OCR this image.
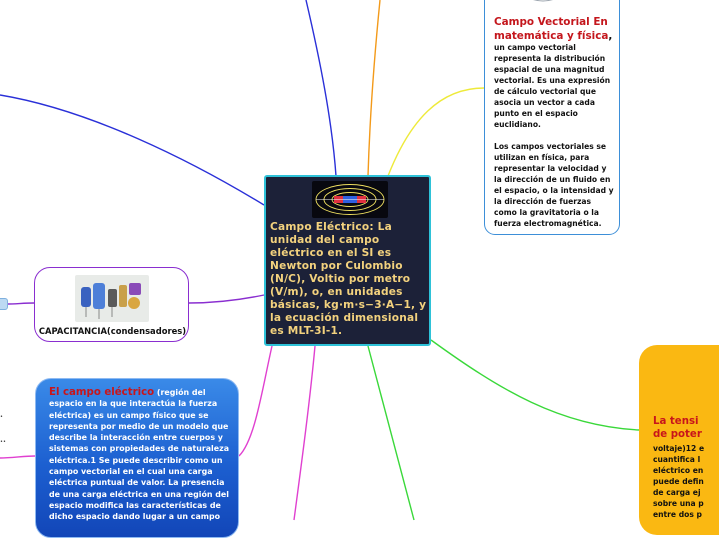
•
••
Campo Eléctrico: La unidad del campo eléctrico en el SI es Newton por Culombio (N/C), Voltio por metro (V/m), o, en unidades básicas, kg·m·s−3·A−1, y la ecuación dimensional es MLT-3I-1.
Campo Vectorial En matemática y física,
un campo vectorial representa la distribución espacial de una magnitud vectorial. Es una expresión de cálculo vectorial que asocia un vector a cada punto en el espacio euclidiano.
Los campos vectoriales se utilizan en física, para representar la velocidad y la dirección de un fluido en el espacio, o la intensidad y la dirección de fuerzas como la gravitatoria o la fuerza electromagnética.
CAPACITANCIA(condensadores)
El campo eléctrico (región del espacio en la que interactúa la fuerza eléctrica) es un campo físico que se representa por medio de un modelo que describe la interacción entre cuerpos y sistemas con propiedades de naturaleza eléctrica.1 Se puede describir como un campo vectorial en el cual una carga eléctrica puntual de valor. La presencia de una carga eléctrica en una región del espacio modifica las características de dicho espacio dando lugar a un campo
La tensi
de poter
voltaje)12 e
cuantifica l
eléctrico en
puede defin
de carga ej
sobre una p
entre dos p
